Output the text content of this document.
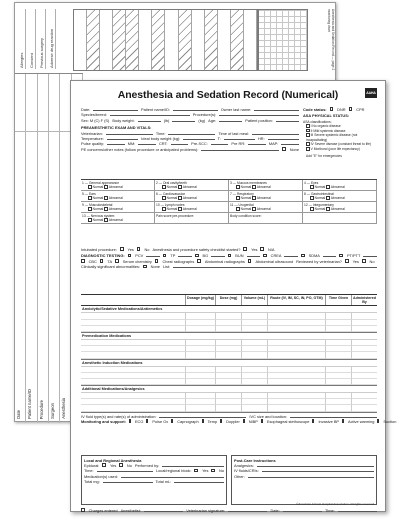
Anesthesia and Sedation Record — page 2 monitoring chart
Date Patient name/ID Procedure Surgeon Anesthesia
Allergies	Consent	Previous surgery	Adverse drug reaction
AAHA
Anesthesia and Sedation Record (Numerical)
Date:	Patient name/ID:	Owner last name:
Species/breed:	Procedure(s):
Sex: M (C) F (S) Body weight:	(lb)	(kg) Age:	Patient position:
PREANESTHETIC EXAM AND VITALS:
Veterinarian:	Time:	Time of last meal:
Temperature:	Ideal body weight (kg):	T:	HR:
Pulse quality:	MM:	CRT:	Pre-SCC:	Pre RR:	MAP:
PE concerns/other notes (follow procedure or anticipated problems):	None
Code status:	DNR	CPR
ASA PHYSICAL STATUS:
ASA classifications:
I No organic disease
II Mild systemic disease
III Severe systemic disease (not incapacitating)
IV Severe disease (constant threat to life)
V Moribund (poor life expectancy)
Add "E" for emergencies
1 — General appearance
Normal Abnormal
2 — Oral cavity/teeth
Normal Abnormal
3 — Mucous membranes
Normal Abnormal
4 — Eyes
Normal Abnormal
5 — Ears
Normal Abnormal
6 — Cardiovascular
Normal Abnormal
7 — Respiratory
Normal Abnormal
8 — Gastrointestinal
Normal Abnormal
9 — Musculoskeletal
Normal Abnormal
10 — Lymph nodes
Normal Abnormal
11 — Urogenital
Normal Abnormal
12 — Integumentary
Normal Abnormal
13 — Nervous system
Normal Abnormal
Pain score pre-procedure:	Body condition score:
Intubated procedure:	Yes	No Anesthesia and procedure safety checklist started?	Yes	N/A
DIAGNOSTIC TESTING:	PCV	TP	BG	BUN	CREA	SDMA	PT/PTT
CBC	TA	Serum chemistry	Chest radiographs	Abdominal radiographs	Abdominal ultrasound Reviewed by veterinarian?	Yes	No
Clinically significant abnormalities:	None List:
Dosage (mg/kg)	Dose (mg)	Volume (mL)	Route (IV, IM, SC, IN, PO, OTM)	Time Given	Administered By
Anxiolytic/Sedative Medications/Antiemetics
Premedication Medications
Anesthetic Induction Medications
Additional Medications/Analgesics
IV fluid type(s) and rate(s) of administration:	IVC size and location:
Monitoring and support: ECG Pulse Ox Capnograph Temp Doppler NIBP Esophageal stethoscope Invasive BP Active warming Suction
Local and Regional Anesthesia
Epidural:	Yes	No Performed by:
Time:	Local/regional block:	Yes	No
Medication(s) used:
Total mg:	Total mL:
Post-Care Instructions
Analgesics:
IV fluids/CRIs:
Other:
Charges entered Anesthetist:	Veterinarian signature:	Date:	Time:
©American Animal Hospital Association. All rights reserved.
